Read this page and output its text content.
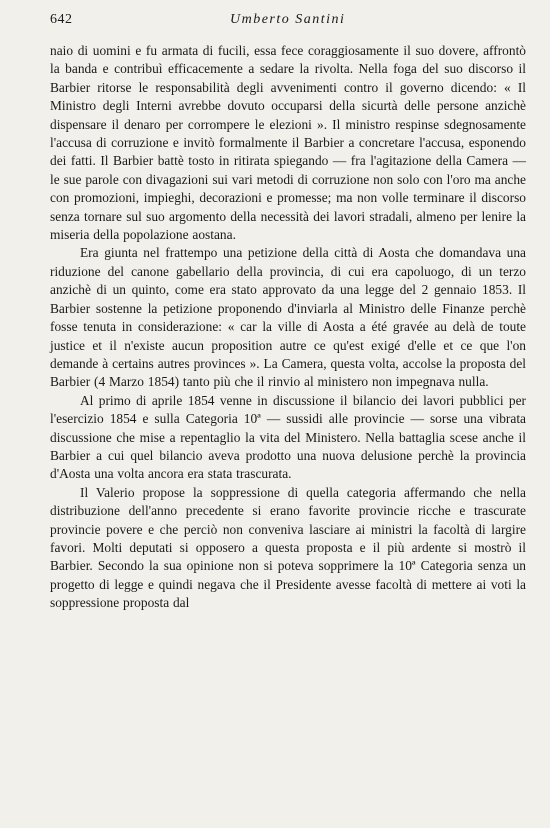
642	Umberto Santini

naio di uomini e fu armata di fucili, essa fece coraggiosamente il suo dovere, affrontò la banda e contribuì efficacemente a sedare la rivolta. Nella foga del suo discorso il Barbier ritorse le responsabilità degli avvenimenti contro il governo dicendo: « Il Ministro degli Interni avrebbe dovuto occuparsi della sicurtà delle persone anzichè dispensare il denaro per corrompere le elezioni ». Il ministro respinse sdegnosamente l'accusa di corruzione e invitò formalmente il Barbier a concretare l'accusa, esponendo dei fatti. Il Barbier battè tosto in ritirata spiegando — fra l'agitazione della Camera — le sue parole con divagazioni sui vari metodi di corruzione non solo con l'oro ma anche con promozioni, impieghi, decorazioni e promesse; ma non volle terminare il discorso senza tornare sul suo argomento della necessità dei lavori stradali, almeno per lenire la miseria della popolazione aostana.

Era giunta nel frattempo una petizione della città di Aosta che domandava una riduzione del canone gabellario della provincia, di cui era capoluogo, di un terzo anzichè di un quinto, come era stato approvato da una legge del 2 gennaio 1853. Il Barbier sostenne la petizione proponendo d'inviarla al Ministro delle Finanze perchè fosse tenuta in considerazione: « car la ville di Aosta a été gravée au delà de toute justice et il n'existe aucun proposition autre ce qu'est exigé d'elle et ce que l'on demande à certains autres provinces ». La Camera, questa volta, accolse la proposta del Barbier (4 Marzo 1854) tanto più che il rinvio al ministero non impegnava nulla.

Al primo di aprile 1854 venne in discussione il bilancio dei lavori pubblici per l'esercizio 1854 e sulla Categoria 10ª — sussidi alle provincie — sorse una vibrata discussione che mise a repentaglio la vita del Ministero. Nella battaglia scese anche il Barbier a cui quel bilancio aveva prodotto una nuova delusione perchè la provincia d'Aosta una volta ancora era stata trascurata.

Il Valerio propose la soppressione di quella categoria affermando che nella distribuzione dell'anno precedente si erano favorite provincie ricche e trascurate provincie povere e che perciò non conveniva lasciare ai ministri la facoltà di largire favori. Molti deputati si opposero a questa proposta e il più ardente si mostrò il Barbier. Secondo la sua opinione non si poteva sopprimere la 10ª Categoria senza un progetto di legge e quindi negava che il Presidente avesse facoltà di mettere ai voti la soppressione proposta dal
